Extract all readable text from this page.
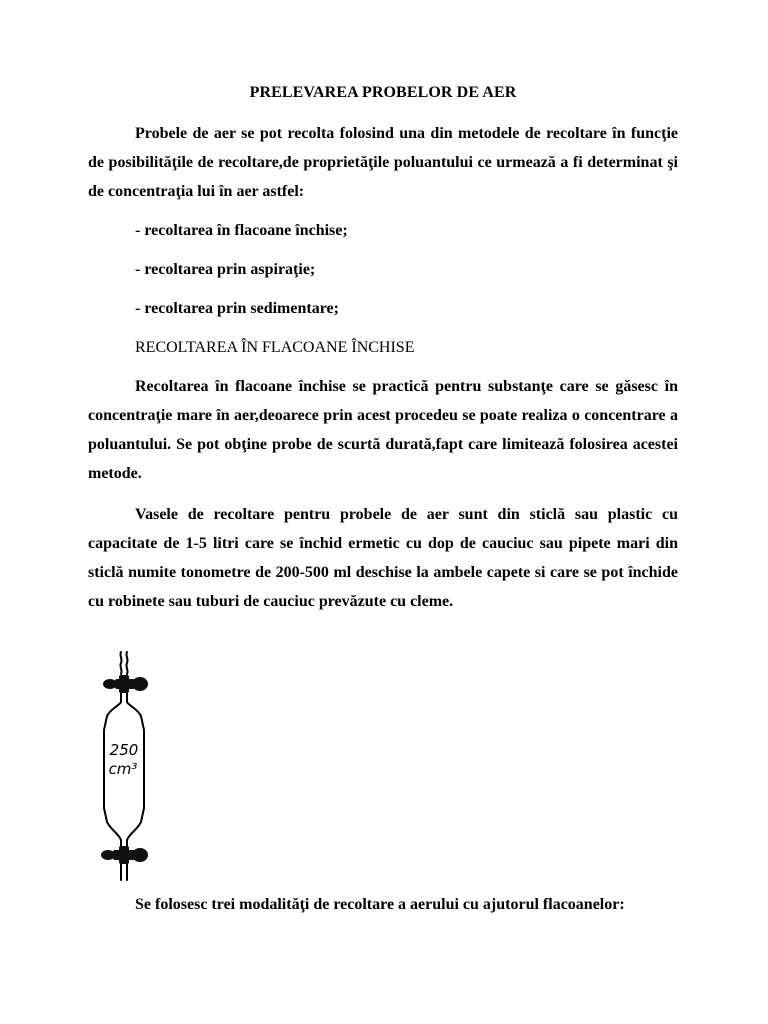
PRELEVAREA PROBELOR DE AER

Probele de aer se pot recolta folosind una din metodele de recoltare în funcţie de posibilităţile de recoltare,de proprietăţile poluantului ce urmează a fi determinat şi de concentraţia lui în aer astfel:

- recoltarea în flacoane închise;

- recoltarea prin aspiraţie;

- recoltarea prin sedimentare;

RECOLTAREA ÎN FLACOANE ÎNCHISE

Recoltarea în flacoane închise se practică pentru substanţe care se găsesc în concentraţie mare în aer,deoarece prin acest procedeu se poate realiza o concentrare a poluantului. Se pot obţine probe de scurtă durată,fapt care limitează folosirea acestei metode.

Vasele de recoltare pentru probele de aer sunt din sticlă sau plastic cu capacitate de 1-5 litri care se închid ermetic cu dop de cauciuc sau pipete mari din sticlă numite tonometre de 200-500 ml deschise la ambele capete si care se pot închide cu robinete sau tuburi de cauciuc prevăzute cu cleme.

250
cm³

Se folosesc trei modalităţi de recoltare a aerului cu ajutorul flacoanelor:
